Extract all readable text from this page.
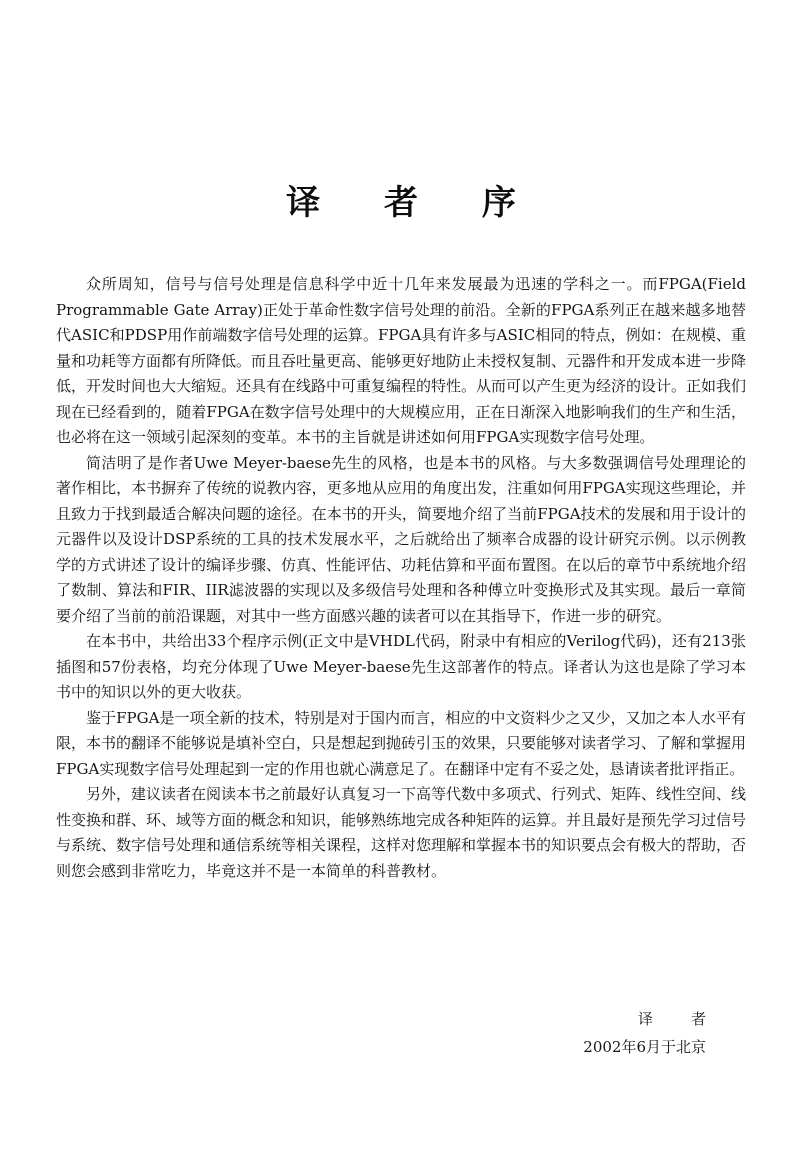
译 者 序

众所周知，信号与信号处理是信息科学中近十几年来发展最为迅速的学科之一。而FPGA(Field Programmable Gate Array)正处于革命性数字信号处理的前沿。全新的FPGA系列正在越来越多地替代ASIC和PDSP用作前端数字信号处理的运算。FPGA具有许多与ASIC相同的特点，例如：在规模、重量和功耗等方面都有所降低。而且吞吐量更高、能够更好地防止未授权复制、元器件和开发成本进一步降低，开发时间也大大缩短。还具有在线路中可重复编程的特性。从而可以产生更为经济的设计。正如我们现在已经看到的，随着FPGA在数字信号处理中的大规模应用，正在日渐深入地影响我们的生产和生活，也必将在这一领域引起深刻的变革。本书的主旨就是讲述如何用FPGA实现数字信号处理。

简洁明了是作者Uwe Meyer-baese先生的风格，也是本书的风格。与大多数强调信号处理理论的著作相比，本书摒弃了传统的说教内容，更多地从应用的角度出发，注重如何用FPGA实现这些理论，并且致力于找到最适合解决问题的途径。在本书的开头，简要地介绍了当前FPGA技术的发展和用于设计的元器件以及设计DSP系统的工具的技术发展水平，之后就给出了频率合成器的设计研究示例。以示例教学的方式讲述了设计的编译步骤、仿真、性能评估、功耗估算和平面布置图。在以后的章节中系统地介绍了数制、算法和FIR、IIR滤波器的实现以及多级信号处理和各种傅立叶变换形式及其实现。最后一章简要介绍了当前的前沿课题，对其中一些方面感兴趣的读者可以在其指导下，作进一步的研究。

在本书中，共给出33个程序示例(正文中是VHDL代码，附录中有相应的Verilog代码)，还有213张插图和57份表格，均充分体现了Uwe Meyer-baese先生这部著作的特点。译者认为这也是除了学习本书中的知识以外的更大收获。

鉴于FPGA是一项全新的技术，特别是对于国内而言，相应的中文资料少之又少，又加之本人水平有限，本书的翻译不能够说是填补空白，只是想起到抛砖引玉的效果，只要能够对读者学习、了解和掌握用FPGA实现数字信号处理起到一定的作用也就心满意足了。在翻译中定有不妥之处，恳请读者批评指正。

另外，建议读者在阅读本书之前最好认真复习一下高等代数中多项式、行列式、矩阵、线性空间、线性变换和群、环、域等方面的概念和知识，能够熟练地完成各种矩阵的运算。并且最好是预先学习过信号与系统、数字信号处理和通信系统等相关课程，这样对您理解和掌握本书的知识要点会有极大的帮助，否则您会感到非常吃力，毕竟这并不是一本简单的科普教材。

译者
2002年6月于北京
